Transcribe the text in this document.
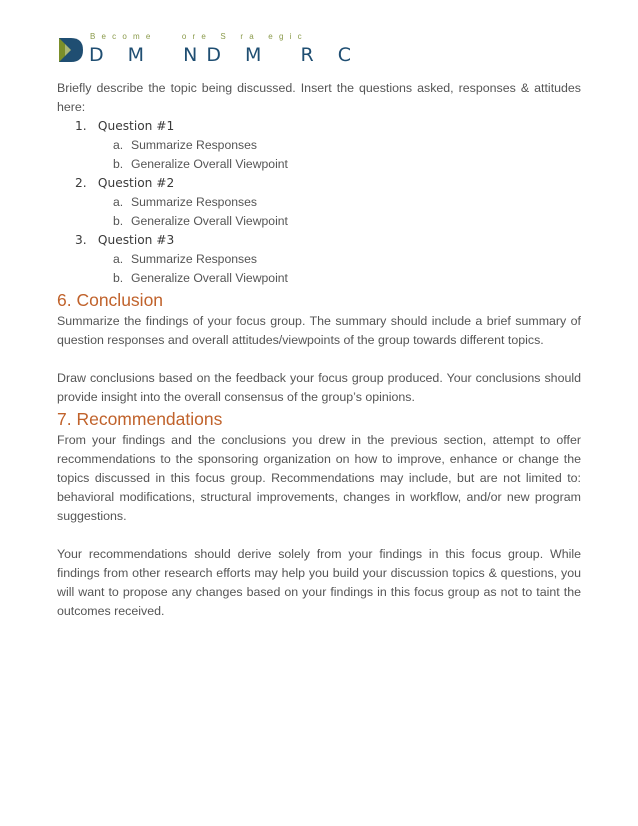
Become   ore S ra egic
D M  ND M  R C

Briefly describe the topic being discussed. Insert the questions asked, responses & attitudes here:

1. Question #1
a. Summarize Responses
b. Generalize Overall Viewpoint
2. Question #2
a. Summarize Responses
b. Generalize Overall Viewpoint
3. Question #3
a. Summarize Responses
b. Generalize Overall Viewpoint
6. Conclusion

Summarize the findings of your focus group. The summary should include a brief summary of question responses and overall attitudes/viewpoints of the group towards different topics.

Draw conclusions based on the feedback your focus group produced. Your conclusions should provide insight into the overall consensus of the group’s opinions.

7. Recommendations

From your findings and the conclusions you drew in the previous section, attempt to offer recommendations to the sponsoring organization on how to improve, enhance or change the topics discussed in this focus group. Recommendations may include, but are not limited to: behavioral modifications, structural improvements, changes in workflow, and/or new program suggestions.

Your recommendations should derive solely from your findings in this focus group. While findings from other research efforts may help you build your discussion topics & questions, you will want to propose any changes based on your findings in this focus group as not to taint the outcomes received.
